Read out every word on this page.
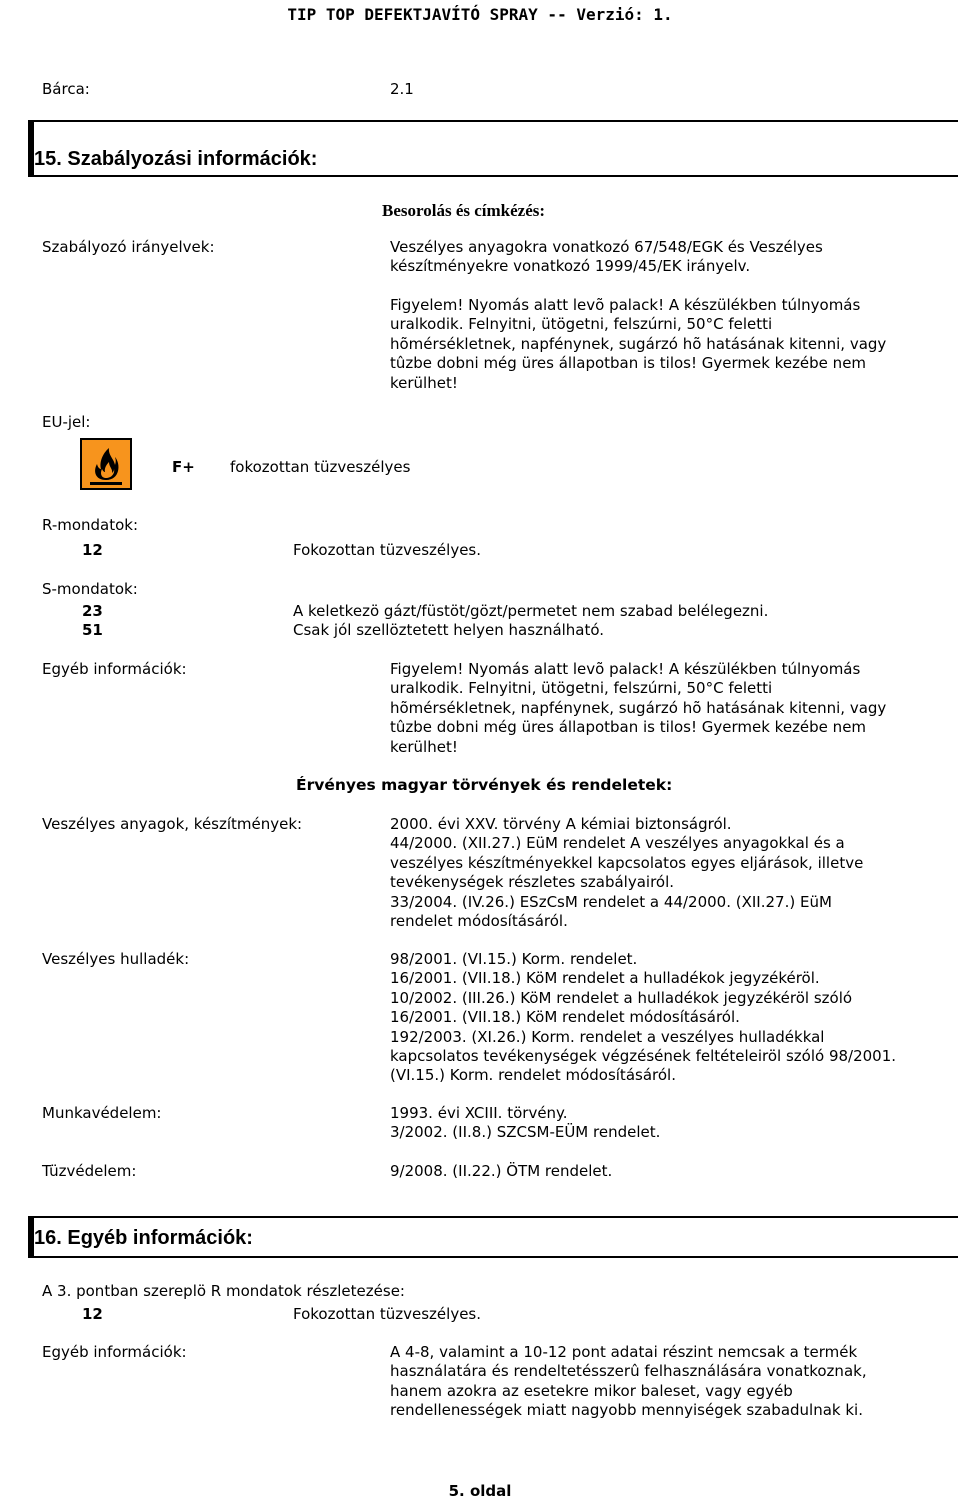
TIP TOP DEFEKTJAVÍTÓ SPRAY -- Verzió: 1.
Bárca:	2.1
15. Szabályozási információk:
Besorolás és címkézés:
Szabályozó irányelvek:	Veszélyes anyagokra vonatkozó 67/548/EGK és Veszélyes
készítményekre vonatkozó 1999/45/EK irányelv.
Figyelem! Nyomás alatt levõ palack! A készülékben túlnyomás
uralkodik. Felnyitni, ütögetni, felszúrni, 50°C feletti
hõmérsékletnek, napfénynek, sugárzó hõ hatásának kitenni, vagy
tûzbe dobni még üres állapotban is tilos! Gyermek kezébe nem
kerülhet!
EU-jel:
F+ fokozottan tüzveszélyes
R-mondatok:
12	Fokozottan tüzveszélyes.
S-mondatok:
23	A keletkezö gázt/füstöt/gözt/permetet nem szabad belélegezni.
51	Csak jól szellöztetett helyen használható.
Egyéb információk:	Figyelem! Nyomás alatt levõ palack! A készülékben túlnyomás
uralkodik. Felnyitni, ütögetni, felszúrni, 50°C feletti
hõmérsékletnek, napfénynek, sugárzó hõ hatásának kitenni, vagy
tûzbe dobni még üres állapotban is tilos! Gyermek kezébe nem
kerülhet!
Érvényes magyar törvények és rendeletek:
Veszélyes anyagok, készítmények:	2000. évi XXV. törvény A kémiai biztonságról.
44/2000. (XII.27.) EüM rendelet A veszélyes anyagokkal és a
veszélyes készítményekkel kapcsolatos egyes eljárások, illetve
tevékenységek részletes szabályairól.
33/2004. (IV.26.) ESzCsM rendelet a 44/2000. (XII.27.) EüM
rendelet módosításáról.
Veszélyes hulladék:	98/2001. (VI.15.) Korm. rendelet.
16/2001. (VII.18.) KöM rendelet a hulladékok jegyzékéröl.
10/2002. (III.26.) KöM rendelet a hulladékok jegyzékéröl szóló
16/2001. (VII.18.) KöM rendelet módosításáról.
192/2003. (XI.26.) Korm. rendelet a veszélyes hulladékkal
kapcsolatos tevékenységek végzésének feltételeiröl szóló 98/2001.
(VI.15.) Korm. rendelet módosításáról.
Munkavédelem:	1993. évi XCIII. törvény.
3/2002. (II.8.) SZCSM-EÜM rendelet.
Tüzvédelem:	9/2008. (II.22.) ÖTM rendelet.
16. Egyéb információk:
A 3. pontban szereplö R mondatok részletezése:
12	Fokozottan tüzveszélyes.
Egyéb információk:	A 4-8, valamint a 10-12 pont adatai részint nemcsak a termék
használatára és rendeltetésszerû felhasználására vonatkoznak,
hanem azokra az esetekre mikor baleset, vagy egyéb
rendellenességek miatt nagyobb mennyiségek szabadulnak ki.
5. oldal
